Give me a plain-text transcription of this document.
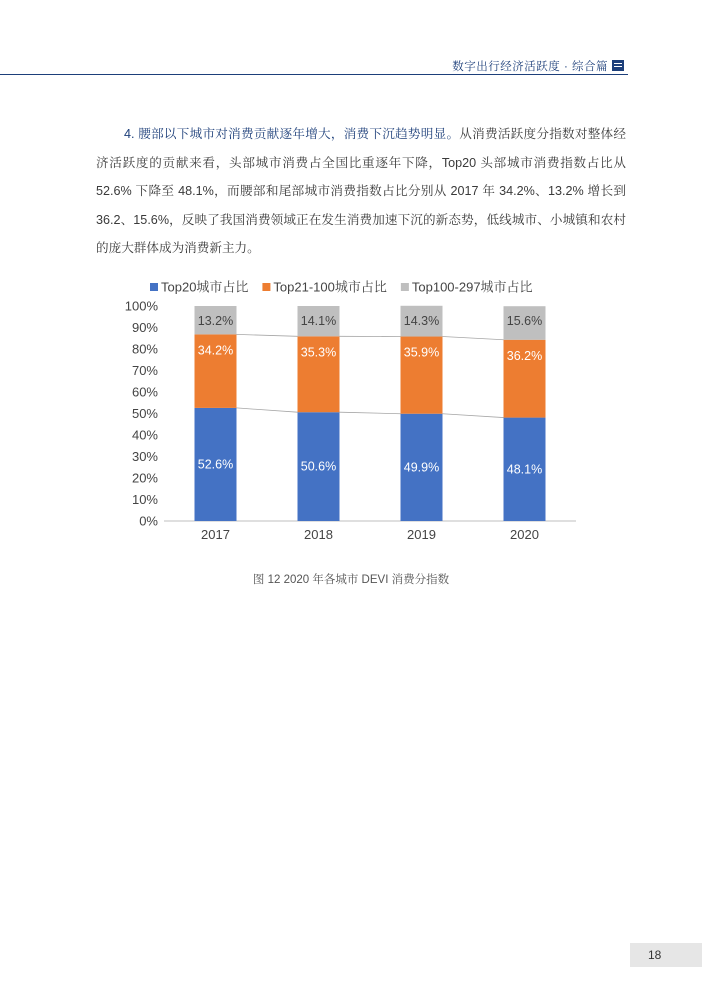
数字出行经济活跃度 · 综合篇
4. 腰部以下城市对消费贡献逐年增大，消费下沉趋势明显。从消费活跃度分指数对整体经济活跃度的贡献来看，头部城市消费占全国比重逐年下降，Top20 头部城市消费指数占比从 52.6% 下降至 48.1%，而腰部和尾部城市消费指数占比分别从 2017 年 34.2%、13.2% 增长到 36.2、15.6%，反映了我国消费领域正在发生消费加速下沉的新态势，低线城市、小城镇和农村的庞大群体成为消费新主力。
0%
10%
20%
30%
40%
50%
60%
70%
80%
90%
100%
52.6%	50.6%	49.9%	48.1%
34.2%	35.3%	35.9%	36.2%
13.2%	14.1%	14.3%	15.6%
2017	2018	2019	2020
Top20城市占比 Top21-100城市占比 Top100-297城市占比
图 12 2020 年各城市 DEVI 消费分指数
18
